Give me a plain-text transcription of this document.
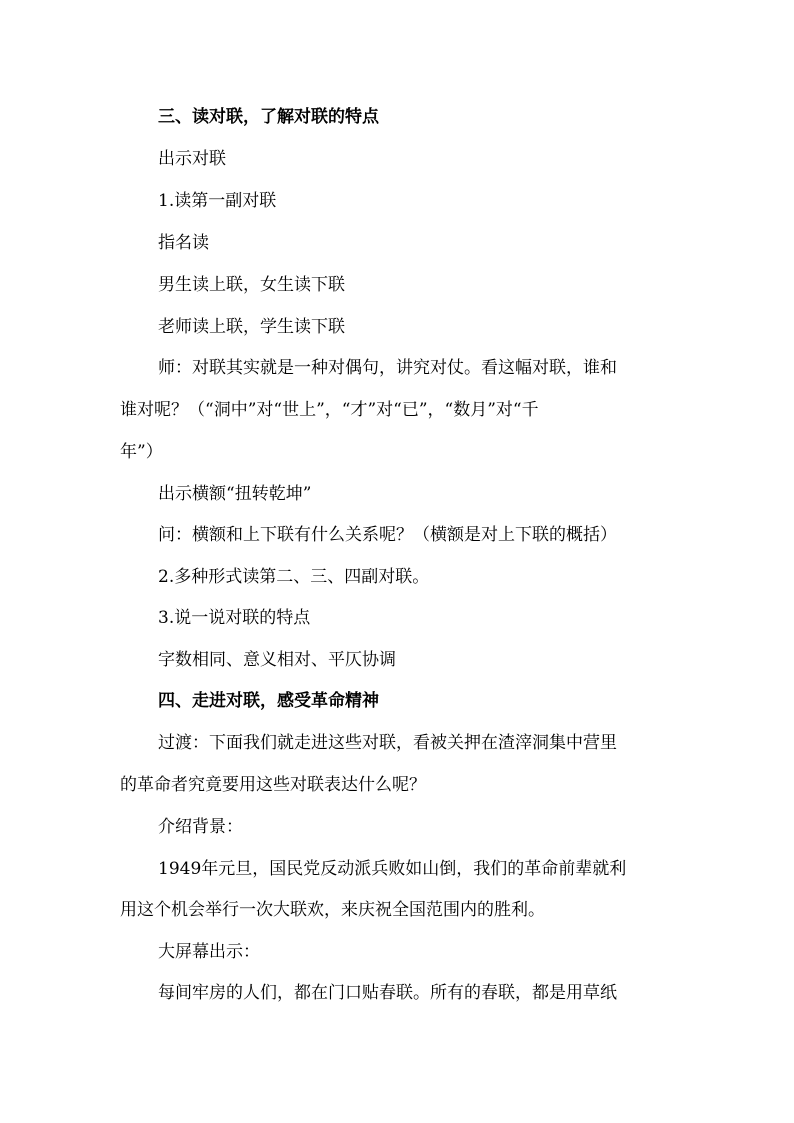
三、读对联，了解对联的特点
出示对联
1.读第一副对联
指名读
男生读上联，女生读下联
老师读上联，学生读下联
师：对联其实就是一种对偶句，讲究对仗。看这幅对联，谁和
谁对呢？（“洞中”对“世上”，“才”对“已”，“数月”对“千
年”）
出示横额“扭转乾坤”
问：横额和上下联有什么关系呢？（横额是对上下联的概括）
2.多种形式读第二、三、四副对联。
3.说一说对联的特点
字数相同、意义相对、平仄协调
四、走进对联，感受革命精神
过渡：下面我们就走进这些对联，看被关押在渣滓洞集中营里
的革命者究竟要用这些对联表达什么呢？
介绍背景：
1949年元旦，国民党反动派兵败如山倒，我们的革命前辈就利
用这个机会举行一次大联欢，来庆祝全国范围内的胜利。
大屏幕出示：
每间牢房的人们，都在门口贴春联。所有的春联，都是用草纸
